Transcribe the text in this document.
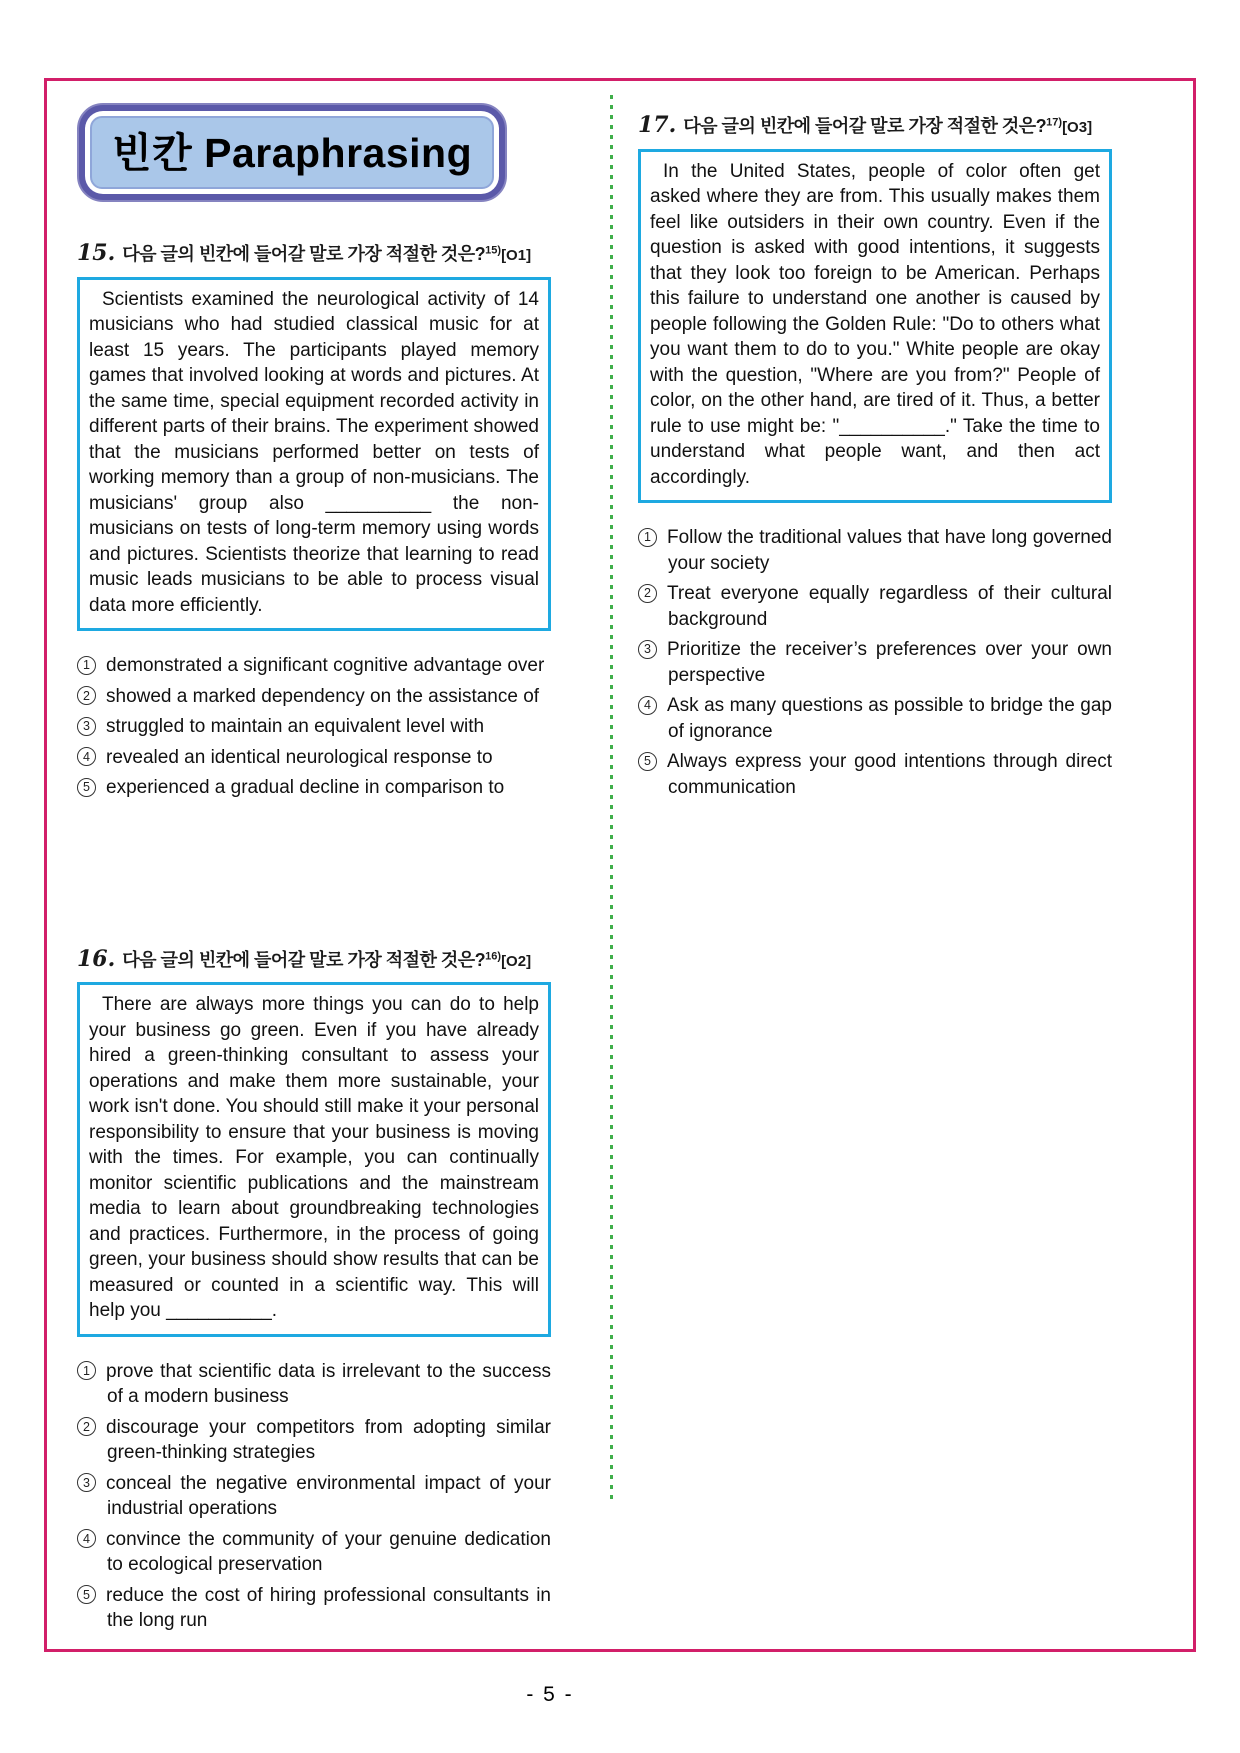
빈칸 Paraphrasing
15. 다음 글의 빈칸에 들어갈 말로 가장 적절한 것은?$^{15)}$[O1]

Scientists examined the neurological activity of 14 musicians who had studied classical music for at least 15 years. The participants played memory games that involved looking at words and pictures. At the same time, special equipment recorded activity in different parts of their brains. The experiment showed that the musicians performed better on tests of working memory than a group of non-musicians. The musicians' group also __________ the non-musicians on tests of long-term memory using words and pictures. Scientists theorize that learning to read music leads musicians to be able to process visual data more efficiently.

1 demonstrated a significant cognitive advantage over
2 showed a marked dependency on the assistance of
3 struggled to maintain an equivalent level with
4 revealed an identical neurological response to
5 experienced a gradual decline in comparison to
16. 다음 글의 빈칸에 들어갈 말로 가장 적절한 것은?$^{16)}$[O2]

There are always more things you can do to help your business go green. Even if you have already hired a green-thinking consultant to assess your operations and make them more sustainable, your work isn't done. You should still make it your personal responsibility to ensure that your business is moving with the times. For example, you can continually monitor scientific publications and the mainstream media to learn about groundbreaking technologies and practices. Furthermore, in the process of going green, your business should show results that can be measured or counted in a scientific way. This will help you __________.

1 prove that scientific data is irrelevant to the success of a modern business
2 discourage your competitors from adopting similar green-thinking strategies
3 conceal the negative environmental impact of your industrial operations
4 convince the community of your genuine dedication to ecological preservation
5 reduce the cost of hiring professional consultants in the long run
17. 다음 글의 빈칸에 들어갈 말로 가장 적절한 것은?$^{17)}$[O3]

In the United States, people of color often get asked where they are from. This usually makes them feel like outsiders in their own country. Even if the question is asked with good intentions, it suggests that they look too foreign to be American. Perhaps this failure to understand one another is caused by people following the Golden Rule: "Do to others what you want them to do to you." White people are okay with the question, "Where are you from?" People of color, on the other hand, are tired of it. Thus, a better rule to use might be: "__________." Take the time to understand what people want, and then act accordingly.

1 Follow the traditional values that have long governed your society
2 Treat everyone equally regardless of their cultural background
3 Prioritize the receiver’s preferences over your own perspective
4 Ask as many questions as possible to bridge the gap of ignorance
5 Always express your good intentions through direct communication
- 5 -
